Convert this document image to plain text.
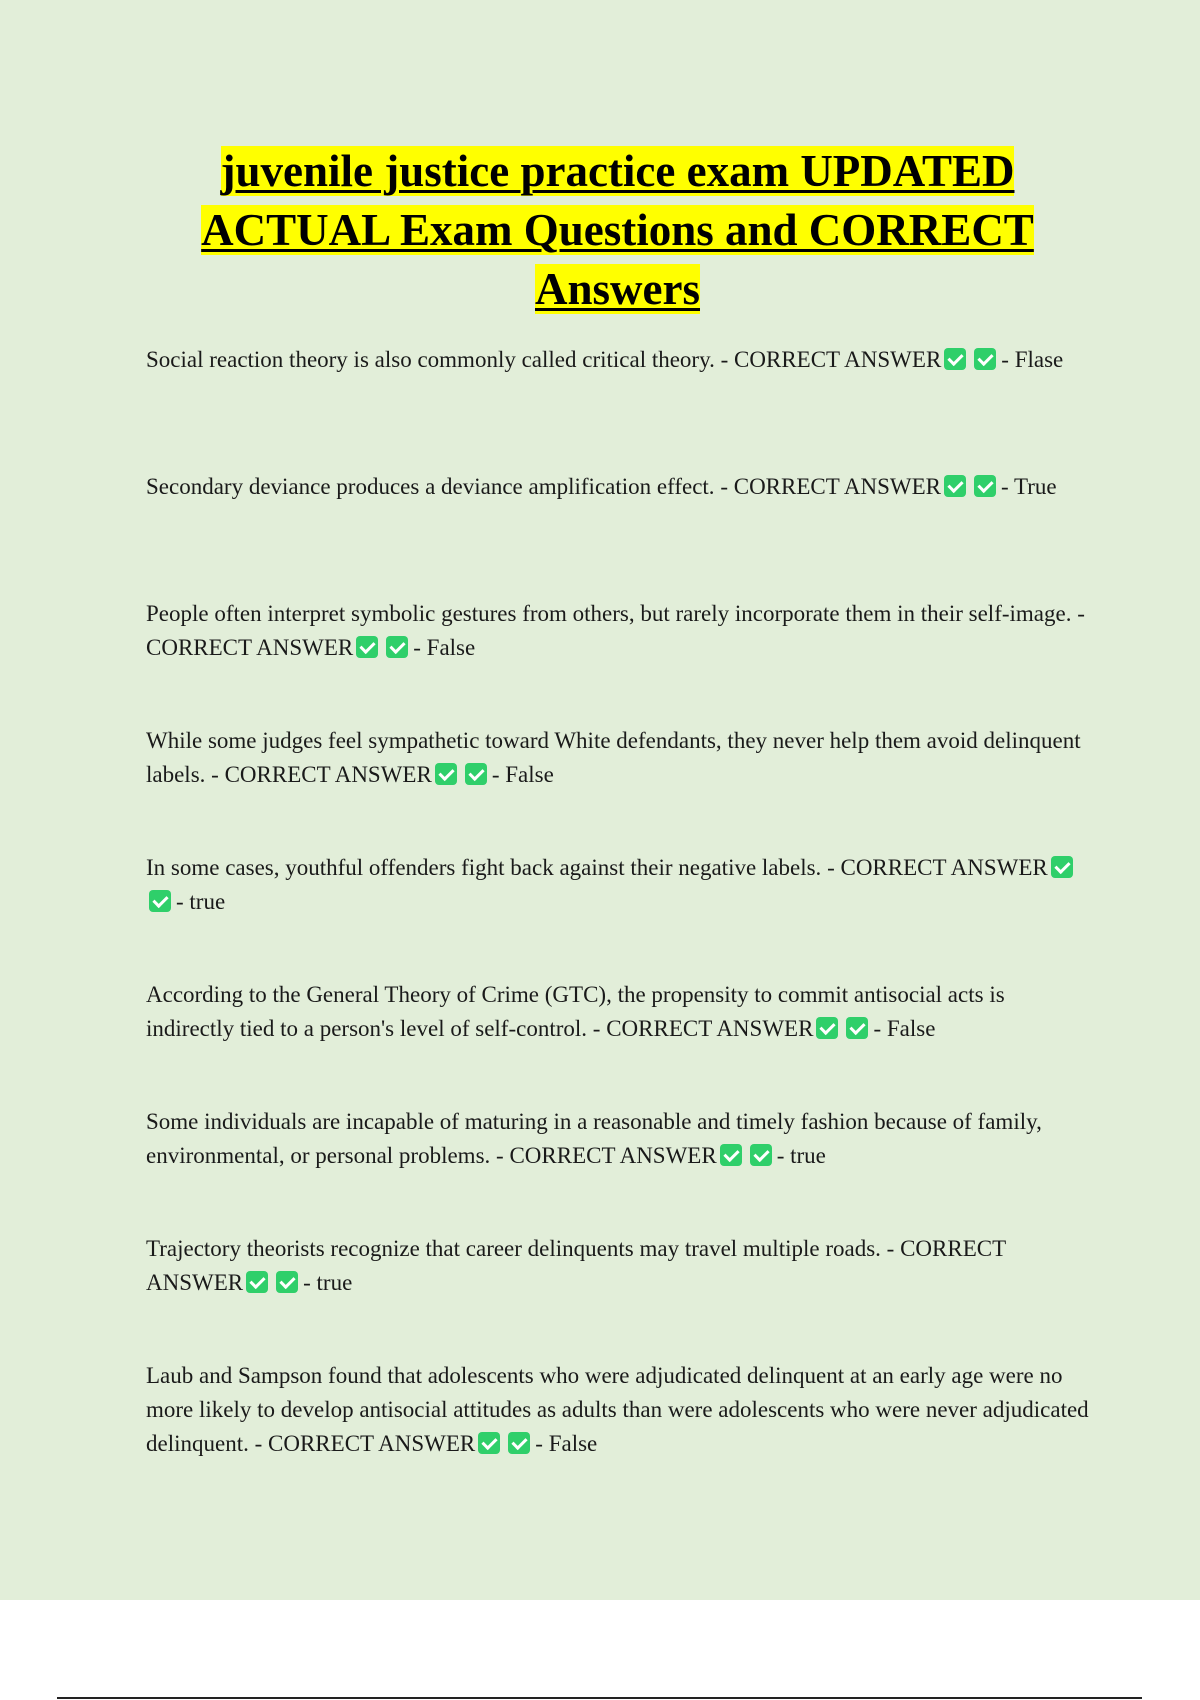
juvenile justice practice exam UPDATED ACTUAL Exam Questions and CORRECT Answers
Social reaction theory is also commonly called critical theory. - CORRECT ANSWER	- Flase
Secondary deviance produces a deviance amplification effect. - CORRECT ANSWER	- True
People often interpret symbolic gestures from others, but rarely incorporate them in their self-image. - CORRECT ANSWER	- False
While some judges feel sympathetic toward White defendants, they never help them avoid delinquent labels. - CORRECT ANSWER	- False
In some cases, youthful offenders fight back against their negative labels. - CORRECT ANSWER- true
According to the General Theory of Crime (GTC), the propensity to commit antisocial acts is indirectly tied to a person's level of self-control. - CORRECT ANSWER	- False
Some individuals are incapable of maturing in a reasonable and timely fashion because of family, environmental, or personal problems. - CORRECT ANSWER	- true
Trajectory theorists recognize that career delinquents may travel multiple roads. - CORRECT ANSWER	- true
Laub and Sampson found that adolescents who were adjudicated delinquent at an early age were no more likely to develop antisocial attitudes as adults than were adolescents who were never adjudicated delinquent. - CORRECT ANSWER	- False
